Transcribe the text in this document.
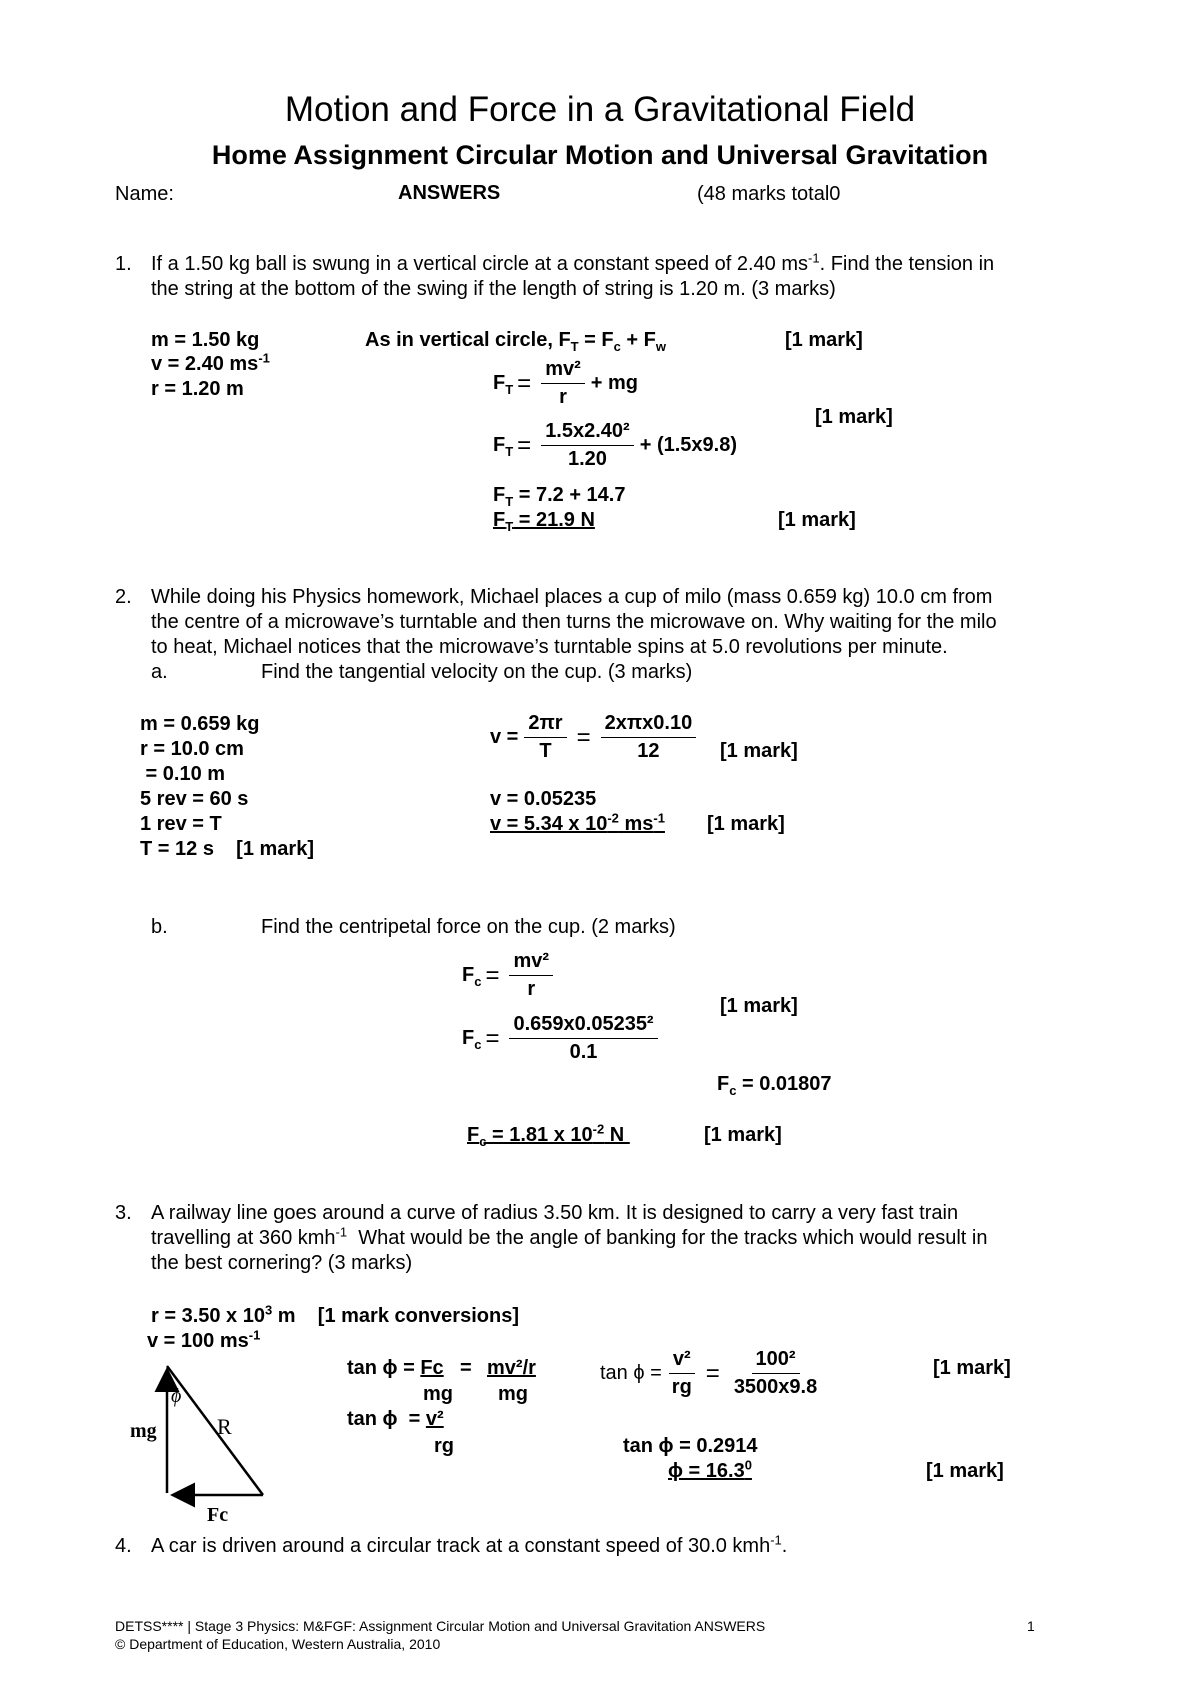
Motion and Force in a Gravitational Field
Home Assignment Circular Motion and Universal Gravitation
Name:	ANSWERS	(48 marks total0
1. If a 1.50 kg ball is swung in a vertical circle at a constant speed of 2.40 $ms^{-1}$. Find the tension in
the string at the bottom of the swing if the length of string is 1.20 m. (3 marks)
m = 1.50 kg
v = 2.40 $ms^{-1}$
r = 1.20 m
As in vertical circle, $F_T = F_c + F_w$	[1 mark]
$F_T = \frac{\text{mv²}}{r}$ + mg
[1 mark]
$F_T = \frac{\text{1.5x2.40²}}{1.20} + (1.5x9.8)$
$F_T = 7.2 + 14.7$
$F_T = 21.9$ N	[1 mark]
2. While doing his Physics homework, Michael places a cup of milo (mass 0.659 kg) 10.0 cm from
the centre of a microwave’s turntable and then turns the microwave on. Why waiting for the milo
to heat, Michael notices that the microwave’s turntable spins at 5.0 revolutions per minute.
a.	Find the tangential velocity on the cup. (3 marks)
m = 0.659 kg
r = 10.0 cm
= 0.10 m
5 rev = 60 s
1 rev = T
T = 12 s    [1 mark]
$v = \frac{2\pi r}{T}$ =
2xπx0.10
12	[1 mark]
v = 0.05235
v = 5.34 x $10^{-2}$ $ms^{-1}$ [1 mark]
b.	Find the centripetal force on the cup. (2 marks)
$F_c = \frac{\text{mv²}}{r}$
[1 mark]
$F_c = \frac{\text{0.659x0.05235²}}{0.1}$
$F_c = 0.01807$
$F_c = 1.81$ x $10^{-2}$ N	[1 mark]
3. A railway line goes around a curve of radius 3.50 km. It is designed to carry a very fast train
travelling at 360 kmh$^{-1}$  What would be the angle of banking for the tracks which would result in
the best cornering? (3 marks)
r = 3.50 x $10^3$ m    [1 mark conversions]
v = 100 $ms^{-1}$
tan ϕ = Fc = mv²/r
mg mg
tan ϕ  = v²
rg
$\tan \phi = \frac{\text{v²}}{rg} = \frac{\text{100²}}{3500x9.8}$	[1 mark]
tan ϕ = 0.2914
$\phi = 16.3^0$	[1 mark]
mg
ϕ
R
Fc
4. A car is driven around a circular track at a constant speed of 30.0 kmh$^{-1}$.
DETSS**** | Stage 3 Physics: M&FGF: Assignment Circular Motion and Universal Gravitation ANSWERS	1
© Department of Education, Western Australia, 2010
